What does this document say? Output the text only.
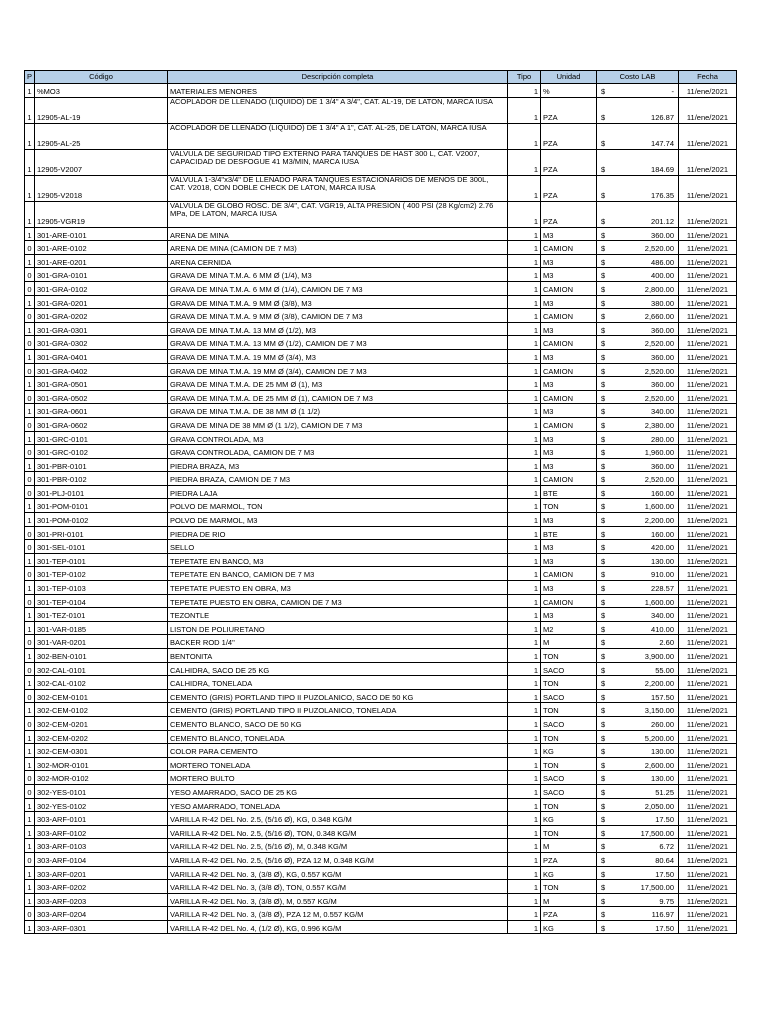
P	Código	Descripción completa	Tipo	Unidad	Costo LAB	Fecha
1	%MO3	MATERIALES MENORES	1	%	$ -	11/ene/2021
1	12905-AL-19	ACOPLADOR DE LLENADO (LIQUIDO) DE 1 3/4" A 3/4", CAT. AL-19, DE LATON, MARCA IUSA	1	PZA	$ 126.87	11/ene/2021
1	12905-AL-25	ACOPLADOR DE LLENADO (LIQUIDO) DE 1 3/4" A 1", CAT. AL-25, DE LATON, MARCA IUSA	1	PZA	$ 147.74	11/ene/2021
1	12905-V2007	VALVULA DE SEGURIDAD TIPO EXTERNO PARA TANQUES DE HAST 300 L, CAT. V2007, CAPACIDAD DE DESFOGUE 41 M3/MIN, MARCA IUSA	1	PZA	$ 184.69	11/ene/2021
1	12905-V2018	VALVULA 1-3/4"x3/4" DE LLENADO PARA TANQUES ESTACIONARIOS DE MENOS DE 300L, CAT. V2018, CON DOBLE CHECK DE LATON, MARCA IUSA	1	PZA	$ 176.35	11/ene/2021
1	12905-VGR19	VALVULA DE GLOBO ROSC. DE 3/4", CAT. VGR19, ALTA PRESION ( 400 PSI (28 Kg/cm2) 2.76 MPa, DE LATON, MARCA IUSA	1	PZA	$ 201.12	11/ene/2021
1	301-ARE-0101	ARENA DE MINA	1	M3	$ 360.00	11/ene/2021
0	301-ARE-0102	ARENA DE MINA (CAMION DE 7 M3)	1	CAMION	$ 2,520.00	11/ene/2021
1	301-ARE-0201	ARENA CERNIDA	1	M3	$ 486.00	11/ene/2021
0	301-GRA-0101	GRAVA DE MINA T.M.A. 6 MM Ø (1/4), M3	1	M3	$ 400.00	11/ene/2021
0	301-GRA-0102	GRAVA DE MINA T.M.A. 6 MM Ø (1/4), CAMION DE 7 M3	1	CAMION	$ 2,800.00	11/ene/2021
1	301-GRA-0201	GRAVA DE MINA T.M.A. 9 MM Ø (3/8), M3	1	M3	$ 380.00	11/ene/2021
0	301-GRA-0202	GRAVA DE MINA T.M.A. 9 MM Ø (3/8), CAMION DE 7 M3	1	CAMION	$ 2,660.00	11/ene/2021
1	301-GRA-0301	GRAVA DE MINA T.M.A. 13 MM Ø (1/2), M3	1	M3	$ 360.00	11/ene/2021
0	301-GRA-0302	GRAVA DE MINA T.M.A. 13 MM Ø (1/2), CAMION DE 7 M3	1	CAMION	$ 2,520.00	11/ene/2021
1	301-GRA-0401	GRAVA DE MINA T.M.A. 19 MM Ø (3/4), M3	1	M3	$ 360.00	11/ene/2021
0	301-GRA-0402	GRAVA DE MINA T.M.A. 19 MM Ø (3/4), CAMION DE 7 M3	1	CAMION	$ 2,520.00	11/ene/2021
1	301-GRA-0501	GRAVA DE MINA T.M.A. DE 25 MM Ø (1), M3	1	M3	$ 360.00	11/ene/2021
0	301-GRA-0502	GRAVA DE MINA T.M.A. DE 25 MM Ø (1), CAMION DE 7 M3	1	CAMION	$ 2,520.00	11/ene/2021
1	301-GRA-0601	GRAVA DE MINA T.M.A. DE 38 MM Ø (1 1/2)	1	M3	$ 340.00	11/ene/2021
0	301-GRA-0602	GRAVA DE MINA DE 38 MM Ø (1 1/2), CAMION DE 7 M3	1	CAMION	$ 2,380.00	11/ene/2021
1	301-GRC-0101	GRAVA CONTROLADA, M3	1	M3	$ 280.00	11/ene/2021
0	301-GRC-0102	GRAVA CONTROLADA, CAMION DE 7 M3	1	M3	$ 1,960.00	11/ene/2021
1	301-PBR-0101	PIEDRA BRAZA, M3	1	M3	$ 360.00	11/ene/2021
0	301-PBR-0102	PIEDRA BRAZA, CAMION DE 7 M3	1	CAMION	$ 2,520.00	11/ene/2021
0	301-PLJ-0101	PIEDRA LAJA	1	BTE	$ 160.00	11/ene/2021
1	301-POM-0101	POLVO DE MARMOL, TON	1	TON	$ 1,600.00	11/ene/2021
1	301-POM-0102	POLVO DE MARMOL, M3	1	M3	$ 2,200.00	11/ene/2021
0	301-PRI-0101	PIEDRA DE RIO	1	BTE	$ 160.00	11/ene/2021
0	301-SEL-0101	SELLO	1	M3	$ 420.00	11/ene/2021
1	301-TEP-0101	TEPETATE EN BANCO, M3	1	M3	$ 130.00	11/ene/2021
0	301-TEP-0102	TEPETATE EN BANCO, CAMION DE 7 M3	1	CAMION	$ 910.00	11/ene/2021
1	301-TEP-0103	TEPETATE PUESTO EN OBRA, M3	1	M3	$ 228.57	11/ene/2021
0	301-TEP-0104	TEPETATE PUESTO EN OBRA, CAMION DE 7 M3	1	CAMION	$ 1,600.00	11/ene/2021
1	301-TEZ-0101	TEZONTLE	1	M3	$ 340.00	11/ene/2021
1	301-VAR-0185	LISTON DE POLIURETANO	1	M2	$ 410.00	11/ene/2021
0	301-VAR-0201	BACKER ROD 1/4"	1	M	$ 2.60	11/ene/2021
1	302-BEN-0101	BENTONITA	1	TON	$ 3,900.00	11/ene/2021
0	302-CAL-0101	CALHIDRA, SACO DE 25 KG	1	SACO	$ 55.00	11/ene/2021
1	302-CAL-0102	CALHIDRA, TONELADA	1	TON	$ 2,200.00	11/ene/2021
0	302-CEM-0101	CEMENTO (GRIS) PORTLAND TIPO II PUZOLANICO, SACO DE 50 KG	1	SACO	$ 157.50	11/ene/2021
1	302-CEM-0102	CEMENTO (GRIS) PORTLAND TIPO II PUZOLANICO, TONELADA	1	TON	$ 3,150.00	11/ene/2021
0	302-CEM-0201	CEMENTO BLANCO, SACO DE 50 KG	1	SACO	$ 260.00	11/ene/2021
1	302-CEM-0202	CEMENTO BLANCO, TONELADA	1	TON	$ 5,200.00	11/ene/2021
1	302-CEM-0301	COLOR PARA CEMENTO	1	KG	$ 130.00	11/ene/2021
1	302-MOR-0101	MORTERO TONELADA	1	TON	$ 2,600.00	11/ene/2021
0	302-MOR-0102	MORTERO BULTO	1	SACO	$ 130.00	11/ene/2021
0	302-YES-0101	YESO AMARRADO, SACO DE 25 KG	1	SACO	$ 51.25	11/ene/2021
1	302-YES-0102	YESO AMARRADO, TONELADA	1	TON	$ 2,050.00	11/ene/2021
1	303-ARF-0101	VARILLA R-42 DEL No. 2.5, (5/16 Ø), KG, 0.348 KG/M	1	KG	$ 17.50	11/ene/2021
1	303-ARF-0102	VARILLA R-42 DEL No. 2.5, (5/16 Ø), TON, 0.348 KG/M	1	TON	$ 17,500.00	11/ene/2021
1	303-ARF-0103	VARILLA R-42 DEL No. 2.5, (5/16 Ø), M, 0.348 KG/M	1	M	$ 6.72	11/ene/2021
0	303-ARF-0104	VARILLA R-42 DEL No. 2.5, (5/16 Ø), PZA 12 M, 0.348 KG/M	1	PZA	$ 80.64	11/ene/2021
1	303-ARF-0201	VARILLA R-42 DEL No. 3, (3/8 Ø), KG, 0.557 KG/M	1	KG	$ 17.50	11/ene/2021
1	303-ARF-0202	VARILLA R-42 DEL No. 3, (3/8 Ø), TON, 0.557 KG/M	1	TON	$ 17,500.00	11/ene/2021
1	303-ARF-0203	VARILLA R-42 DEL No. 3, (3/8 Ø), M, 0.557 KG/M	1	M	$ 9.75	11/ene/2021
0	303-ARF-0204	VARILLA R-42 DEL No. 3, (3/8 Ø), PZA 12 M, 0.557 KG/M	1	PZA	$ 116.97	11/ene/2021
1	303-ARF-0301	VARILLA R-42 DEL No. 4, (1/2 Ø), KG, 0.996 KG/M	1	KG	$ 17.50	11/ene/2021
